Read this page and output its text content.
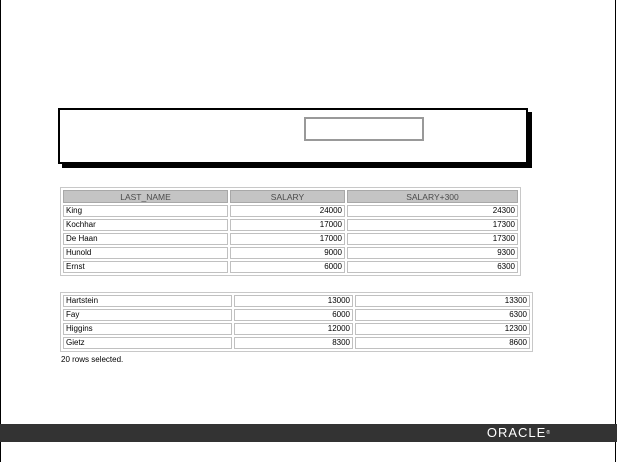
LAST_NAME	SALARY	SALARY+300
King	24000	24300
Kochhar	17000	17300
De Haan	17000	17300
Hunold	9000	9300
Ernst	6000	6300
Hartstein	13000	13300
Fay	6000	6300
Higgins	12000	12300
Gietz	8300	8600
20 rows selected.
ORACLE®
